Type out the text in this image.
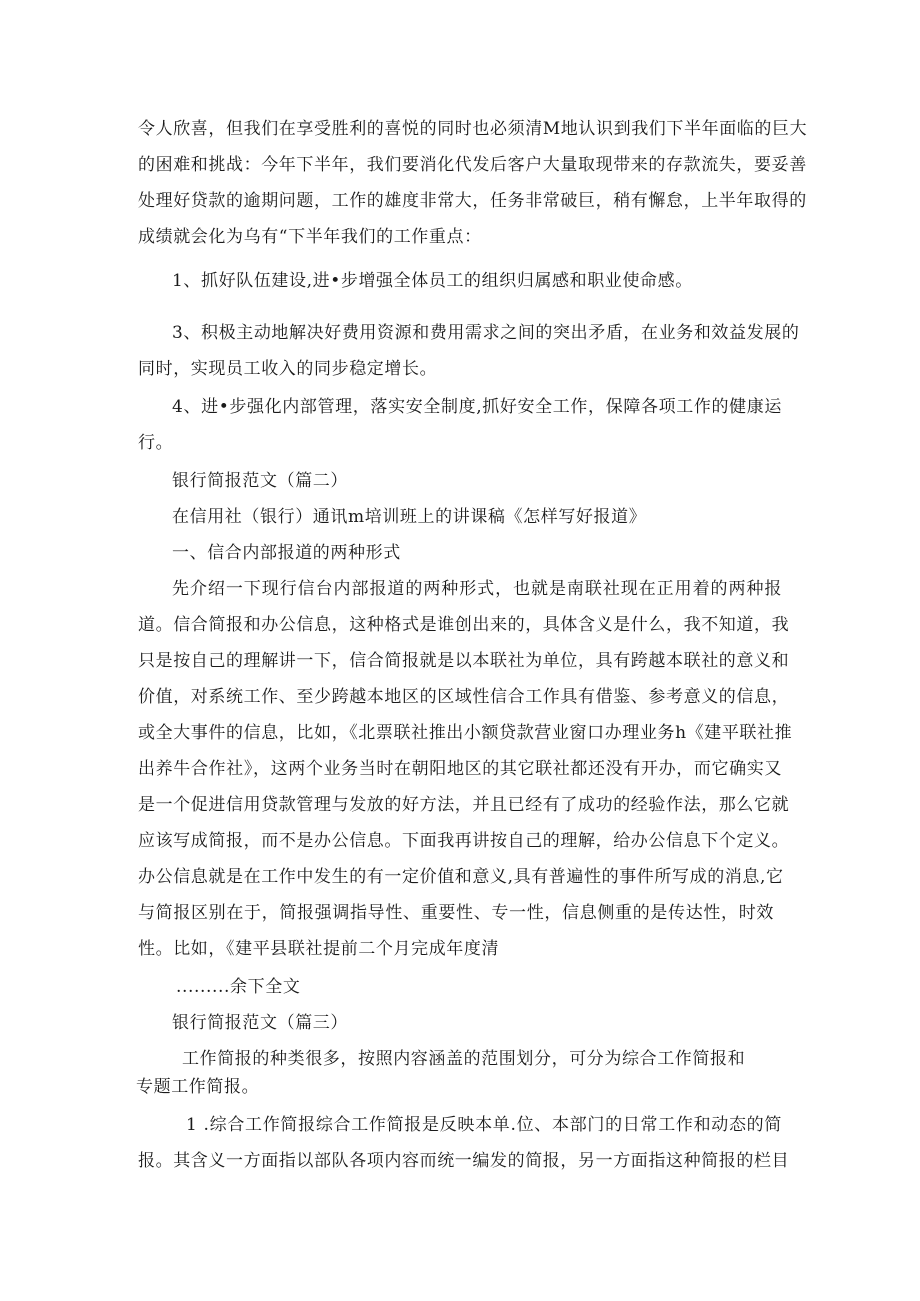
令人欣喜，但我们在享受胜利的喜悦的同时也必须清M地认识到我们下半年面临的巨大
的困难和挑战：今年下半年，我们要消化代发后客户大量取现带来的存款流失，要妥善
处理好贷款的逾期问题，工作的雄度非常大，任务非常破巨，稍有懈怠，上半年取得的
成绩就会化为乌有“下半年我们的工作重点：
1、抓好队伍建设,进•步增强全体员工的组织归属感和职业使命感。
3、积极主动地解决好费用资源和费用需求之间的突出矛盾，在业务和效益发展的
同时，实现员工收入的同步稳定增长。
4、进•步强化内部管理，落实安全制度,抓好安全工作，保障各项工作的健康运
行。
银行简报范文（篇二）
在信用社（银行）通讯m培训班上的讲课稿《怎样写好报道》
一、信合内部报道的两种形式
先介绍一下现行信台内部报道的两种形式，也就是南联社现在正用着的两种报
道。信合简报和办公信息，这种格式是谁创出来的，具体含义是什么，我不知道，我
只是按自己的理解讲一下，信合简报就是以本联社为单位，具有跨越本联社的意义和
价值，对系统工作、至少跨越本地区的区域性信合工作具有借鉴、参考意义的信息，
或全大事件的信息，比如，《北票联社推出小额贷款营业窗口办理业务h《建平联社推
出养牛合作社》，这两个业务当时在朝阳地区的其它联社都还没有开办，而它确实又
是一个促进信用贷款管理与发放的好方法，并且已经有了成功的经验作法，那么它就
应该写成简报，而不是办公信息。下面我再讲按自己的理解，给办公信息下个定义。
办公信息就是在工作中发生的有一定价值和意义,具有普遍性的事件所写成的消息,它
与简报区别在于，简报强调指导性、重要性、专一性，信息侧重的是传达性，时效
性。比如，《建平县联社提前二个月完成年度清
.........余下全文
银行简报范文（篇三）
工作简报的种类很多，按照内容涵盖的范围划分，可分为综合工作简报和
专题工作简报。
1 .综合工作简报综合工作简报是反映本单.位、本部门的日常工作和动态的简
报。其含义一方面指以部队各项内容而统一编发的简报，另一方面指这种简报的栏目
